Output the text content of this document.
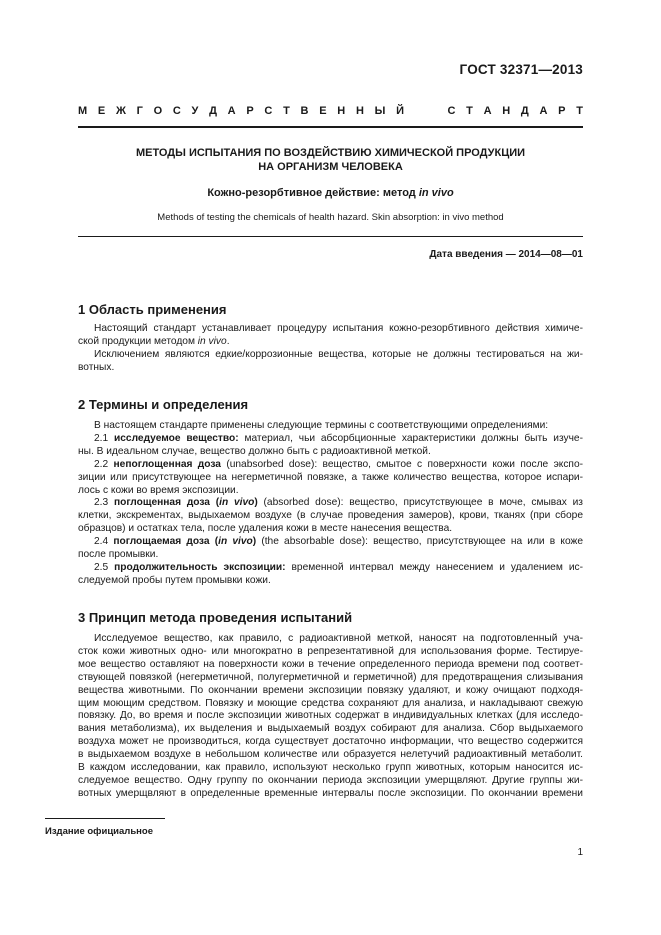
ГОСТ 32371—2013
М Е Ж Г О С У Д А Р С Т В Е Н Н Ы Й	С Т А Н Д А Р Т
МЕТОДЫ ИСПЫТАНИЯ ПО ВОЗДЕЙСТВИЮ ХИМИЧЕСКОЙ ПРОДУКЦИИ
НА ОРГАНИЗМ ЧЕЛОВЕКА
Кожно-резорбтивное действие: метод in vivo
Methods of testing the chemicals of health hazard. Skin absorption: in vivo method
Дата введения — 2014—08—01
1 Область применения
Настоящий стандарт устанавливает процедуру испытания кожно-резорбтивного действия химиче-
ской продукции методом in vivo.
Исключением являются едкие/коррозионные вещества, которые не должны тестироваться на жи-
вотных.
2 Термины и определения
В настоящем стандарте применены следующие термины с соответствующими определениями:
2.1 исследуемое вещество: материал, чьи абсорбционные характеристики должны быть изуче-
ны. В идеальном случае, вещество должно быть с радиоактивной меткой.
2.2 непоглощенная доза (unabsorbed dose): вещество, смытое с поверхности кожи после экспо-
зиции или присутствующее на негерметичной повязке, а также количество вещества, которое испари-
лось с кожи во время экспозиции.
2.3 поглощенная доза (in vivo) (absorbed dose): вещество, присутствующее в моче, смывах из
клетки, экскрементах, выдыхаемом воздухе (в случае проведения замеров), крови, тканях (при сборе
образцов) и остатках тела, после удаления кожи в месте нанесения вещества.
2.4 поглощаемая доза (in vivo) (the absorbable dose): вещество, присутствующее на или в коже
после промывки.
2.5 продолжительность экспозиции: временной интервал между нанесением и удалением ис-
следуемой пробы путем промывки кожи.
3 Принцип метода проведения испытаний
Исследуемое вещество, как правило, с радиоактивной меткой, наносят на подготовленный уча-
сток кожи животных одно- или многократно в репрезентативной для использования форме. Тестируе-
мое вещество оставляют на поверхности кожи в течение определенного периода времени под соответ-
ствующей повязкой (негерметичной, полугерметичной и герметичной) для предотвращения слизывания
вещества животными. По окончании времени экспозиции повязку удаляют, и кожу очищают подходя-
щим моющим средством. Повязку и моющие средства сохраняют для анализа, и накладывают свежую
повязку. До, во время и после экспозиции животных содержат в индивидуальных клетках (для исследо-
вания метаболизма), их выделения и выдыхаемый воздух собирают для анализа. Сбор выдыхаемого
воздуха может не производиться, когда существует достаточно информации, что вещество содержится
в выдыхаемом воздухе в небольшом количестве или образуется нелетучий радиоактивный метаболит.
В каждом исследовании, как правило, используют несколько групп животных, которым наносится ис-
следуемое вещество. Одну группу по окончании периода экспозиции умерщвляют. Другие группы жи-
вотных умерщвляют в определенные временные интервалы после экспозиции. По окончании времени
Издание официальное
1
